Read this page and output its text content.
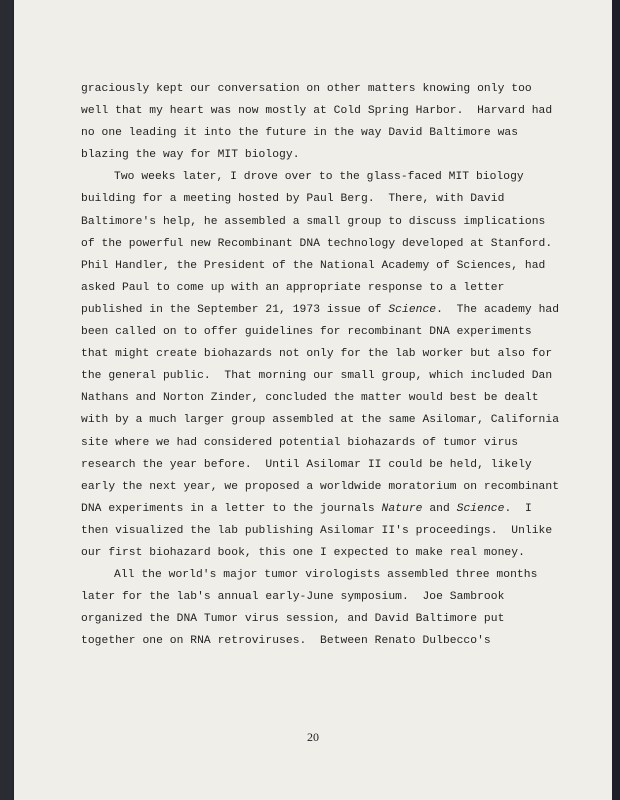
graciously kept our conversation on other matters knowing only too
well that my heart was now mostly at Cold Spring Harbor.  Harvard had
no one leading it into the future in the way David Baltimore was
blazing the way for MIT biology.
Two weeks later, I drove over to the glass-faced MIT biology
building for a meeting hosted by Paul Berg.  There, with David
Baltimore's help, he assembled a small group to discuss implications
of the powerful new Recombinant DNA technology developed at Stanford.
Phil Handler, the President of the National Academy of Sciences, had
asked Paul to come up with an appropriate response to a letter
published in the September 21, 1973 issue of Science.  The academy had
been called on to offer guidelines for recombinant DNA experiments
that might create biohazards not only for the lab worker but also for
the general public.  That morning our small group, which included Dan
Nathans and Norton Zinder, concluded the matter would best be dealt
with by a much larger group assembled at the same Asilomar, California
site where we had considered potential biohazards of tumor virus
research the year before.  Until Asilomar II could be held, likely
early the next year, we proposed a worldwide moratorium on recombinant
DNA experiments in a letter to the journals Nature and Science.  I
then visualized the lab publishing Asilomar II's proceedings.  Unlike
our first biohazard book, this one I expected to make real money.
All the world's major tumor virologists assembled three months
later for the lab's annual early-June symposium.  Joe Sambrook
organized the DNA Tumor virus session, and David Baltimore put
together one on RNA retroviruses.  Between Renato Dulbecco's
20
